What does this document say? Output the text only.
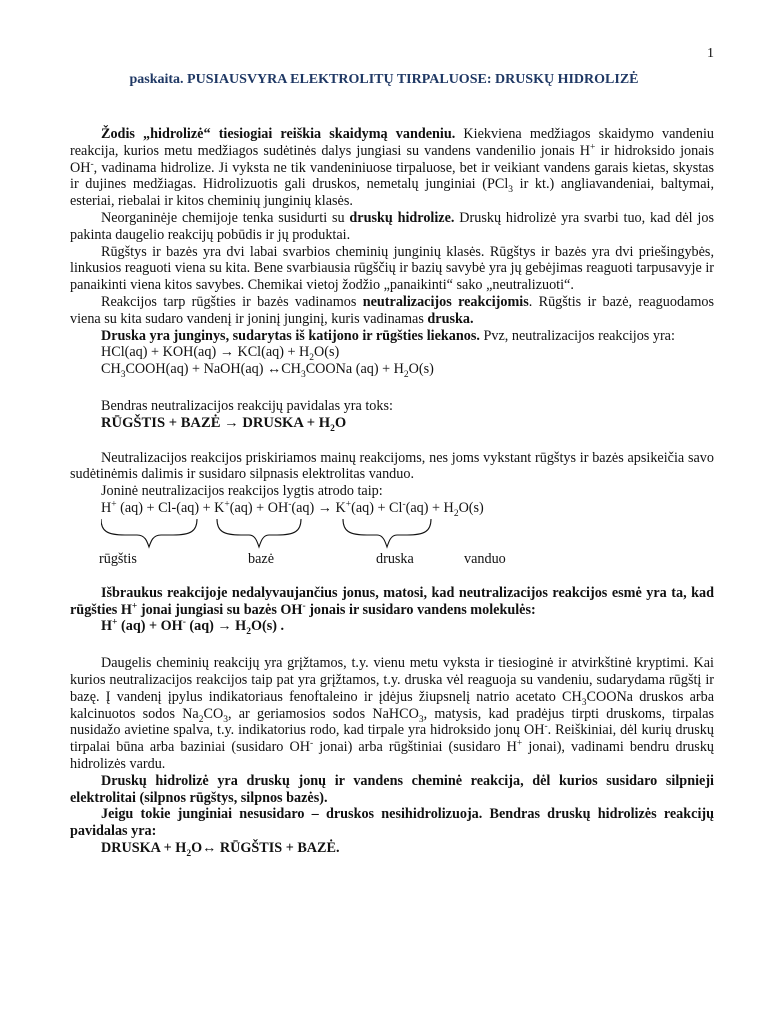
1
paskaita. PUSIAUSVYRA ELEKTROLITŲ TIRPALUOSE: DRUSKŲ HIDROLIZĖ

Žodis „hidrolizė“ tiesiogiai reiškia skaidymą vandeniu. Kiekviena medžiagos skaidymo vandeniu reakcija, kurios metu medžiagos sudėtinės dalys jungiasi su vandens vandenilio jonais H+ ir hidroksido jonais OH-, vadinama hidrolize. Ji vyksta ne tik vandeniniuose tirpaluose, bet ir veikiant vandens garais kietas, skystas ir dujines medžiagas. Hidrolizuotis gali druskos, nemetalų junginiai (PCl$_3$ ir kt.) angliavandeniai, baltymai, esteriai, riebalai ir kitos cheminių junginių klasės.

Neorganinėje chemijoje tenka susidurti su druskų hidrolize. Druskų hidrolizė yra svarbi tuo, kad dėl jos pakinta daugelio reakcijų pobūdis ir jų produktai.

Rūgštys ir bazės yra dvi labai svarbios cheminių junginių klasės. Rūgštys ir bazės yra dvi priešingybės, linkusios reaguoti viena su kita. Bene svarbiausia rūgščių ir bazių savybė yra jų gebėjimas reaguoti tarpusavyje ir panaikinti viena kitos savybes. Chemikai vietoj žodžio „panaikinti“ sako „neutralizuoti“.

Reakcijos tarp rūgšties ir bazės vadinamos neutralizacijos reakcijomis. Rūgštis ir bazė, reaguodamos viena su kita sudaro vandenį ir joninį junginį, kuris vadinamas druska.

Druska yra junginys, sudarytas iš katijono ir rūgšties liekanos. Pvz, neutralizacijos reakcijos yra:

$HCl(aq) + KOH(aq) \to KCl(aq) + H_2O(s)$

$CH_3COOH(aq)$ + NaOH(aq) $\leftrightarrow CH_3COONa$ $(aq) + H_2O(s)$

Bendras neutralizacijos reakcijų pavidalas yra toks:

RŪGŠTIS + BAZĖ → DRUSKA + $H_2O$

Neutralizacijos reakcijos priskiriamos mainų reakcijoms, nes joms vykstant rūgštys ir bazės apsikeičia savo sudėtinėmis dalimis ir susidaro silpnasis elektrolitas vanduo.

Joninė neutralizacijos reakcijos lygtis atrodo taip:

H+ $(aq) + Cl-(aq) + K^+(aq) + OH^-(aq) \to K^+(aq) + Cl^-(aq) + H_2O(s)$

rūgštis	bazė	druska	vanduo

Išbraukus reakcijoje nedalyvaujančius jonus, matosi, kad neutralizacijos reakcijos esmė yra ta, kad rūgšties H+ jonai jungiasi su bazės OH- jonais ir susidaro vandens molekulės:

H+ (aq) + OH- $(aq) \to H_2O(s)$ .

Daugelis cheminių reakcijų yra grįžtamos, t.y. vienu metu vyksta ir tiesioginė ir atvirkštinė kryptimi. Kai kurios neutralizacijos reakcijos taip pat yra grįžtamos, t.y. druska vėl reaguoja su vandeniu, sudarydama rūgštį ir bazę. Į vandenį įpylus indikatoriaus fenoftaleino ir įdėjus žiupsnelį natrio acetato $CH_3COONa$ druskos arba kalcinuotos sodos $Na_2CO_3$, ar geriamosios sodos NaHCO$_3$, matysis, kad pradėjus tirpti druskoms, tirpalas nusidažo avietine spalva, t.y. indikatorius rodo, kad tirpale yra hidroksido jonų OH-. Reiškiniai, dėl kurių druskų tirpalai būna arba baziniai (susidaro OH- jonai) arba rūgštiniai (susidaro H+ jonai), vadinami bendru druskų hidrolizės vardu.

Druskų hidrolizė yra druskų jonų ir vandens cheminė reakcija, dėl kurios susidaro silpnieji elektrolitai (silpnos rūgštys, silpnos bazės).

Jeigu tokie junginiai nesusidaro – druskos nesihidrolizuoja. Bendras druskų hidrolizės reakcijų pavidalas yra:

DRUSKA + $H_2O\leftrightarrow$ RŪGŠTIS + BAZĖ.
